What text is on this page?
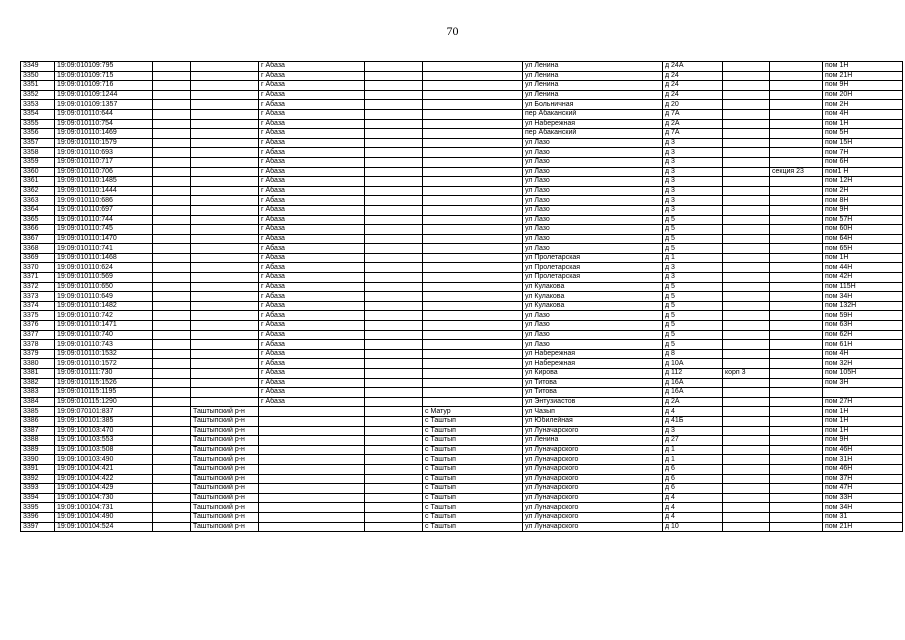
70
3349	19:09:010109:795			г Абаза			ул Ленина	д 24А			пом 1Н
3350	19:09:010109:715			г Абаза			ул Ленина	д 24			пом 21Н
3351	19:09:010109:716			г Абаза			ул Ленина	д 24			пом 9Н
3352	19:09:010109:1244			г Абаза			ул Ленина	д 24			пом 20Н
3353	19:09:010109:1357			г Абаза			ул Больничная	д 20			пом 2Н
3354	19:09:010110:644			г Абаза			пер Абаканский	д 7А			пом 4Н
3355	19:09:010110:754			г Абаза			ул Набережная	д 2А			пом 1Н
3356	19:09:010110:1469			г Абаза			пер Абаканский	д 7А			пом 5Н
3357	19:09:010110:1579			г Абаза			ул Лазо	д 3			пом 15Н
3358	19:09:010110:693			г Абаза			ул Лазо	д 3			пом 7Н
3359	19:09:010110:717			г Абаза			ул Лазо	д 3			пом 6Н
3360	19:09:010110:706			г Абаза			ул Лазо	д 3		секция 23	пом1 Н
3361	19:09:010110:1485			г Абаза			ул Лазо	д 3			пом 12Н
3362	19:09:010110:1444			г Абаза			ул Лазо	д 3			пом 2Н
3363	19:09:010110:686			г Абаза			ул Лазо	д 3			пом 8Н
3364	19:09:010110:697			г Абаза			ул Лазо	д 3			пом 9Н
3365	19:09:010110:744			г Абаза			ул Лазо	д 5			пом 57Н
3366	19:09:010110:745			г Абаза			ул Лазо	д 5			пом 60Н
3367	19:09:010110:1470			г Абаза			ул Лазо	д 5			пом 64Н
3368	19:09:010110:741			г Абаза			ул Лазо	д 5			пом 65Н
3369	19:09:010110:1468			г Абаза			ул Пролетарская	д 1			пом 1Н
3370	19:09:010110:624			г Абаза			ул Пролетарская	д 3			пом 44Н
3371	19:09:010110:569			г Абаза			ул Пролетарская	д 3			пом 42Н
3372	19:09:010110:650			г Абаза			ул Кулакова	д 5			пом 115Н
3373	19:09:010110:649			г Абаза			ул Кулакова	д 5			пом 34Н
3374	19:09:010110:1482			г Абаза			ул Кулакова	д 5			пом 132Н
3375	19:09:010110:742			г Абаза			ул Лазо	д 5			пом 59Н
3376	19:09:010110:1471			г Абаза			ул Лазо	д 5			пом 63Н
3377	19:09:010110:740			г Абаза			ул Лазо	д 5			пом 62Н
3378	19:09:010110:743			г Абаза			ул Лазо	д 5			пом 61Н
3379	19:09:010110:1532			г Абаза			ул Набережная	д 8			пом 4Н
3380	19:09:010110:1572			г Абаза			ул Набережная	д 10А			пом 32Н
3381	19:09:010111:730			г Абаза			ул Кирова	д 112	корп 3		пом 105Н
3382	19:09:010115:1526			г Абаза			ул Титова	д 16А			пом 3Н
3383	19:09:010115:1195			г Абаза			ул Титова	д 16А			
3384	19:09:010115:1290			г Абаза			ул Энтузиастов	д 2А			пом 27Н
3385	19:09:070101:837		Таштыпский р-н			с Матур	ул Чазып	д 4			пом 1Н
3386	19:09:100101:385		Таштыпский р-н			с Таштып	ул Юбилейная	д 41Б			пом 1Н
3387	19:09:100103:470		Таштыпский р-н			с Таштып	ул Луначарского	д 3			пом 1Н
3388	19:09:100103:553		Таштыпский р-н			с Таштып	ул Ленина	д 27			пом 9Н
3389	19:09:100103:508		Таштыпский р-н			с Таштып	ул Луначарского	д 1			пом 46Н
3390	19:09:100103:490		Таштыпский р-н			с Таштып	ул Луначарского	д 1			пом 31Н
3391	19:09:100104:421		Таштыпский р-н			с Таштып	ул Луначарского	д 6			пом 46Н
3392	19:09:100104:422		Таштыпский р-н			с Таштып	ул Луначарского	д 6			пом 37Н
3393	19:09:100104:429		Таштыпский р-н			с Таштып	ул Луначарского	д 6			пом 47Н
3394	19:09:100104:730		Таштыпский р-н			с Таштып	ул Луначарского	д 4			пом 33Н
3395	19:09:100104:731		Таштыпский р-н			с Таштып	ул Луначарского	д 4			пом 34Н
3396	19:09:100104:490		Таштыпский р-н			с Таштып	ул Луначарского	д 4			пом 31
3397	19:09:100104:524		Таштыпский р-н			с Таштып	ул Луначарского	д 10			пом 21Н
